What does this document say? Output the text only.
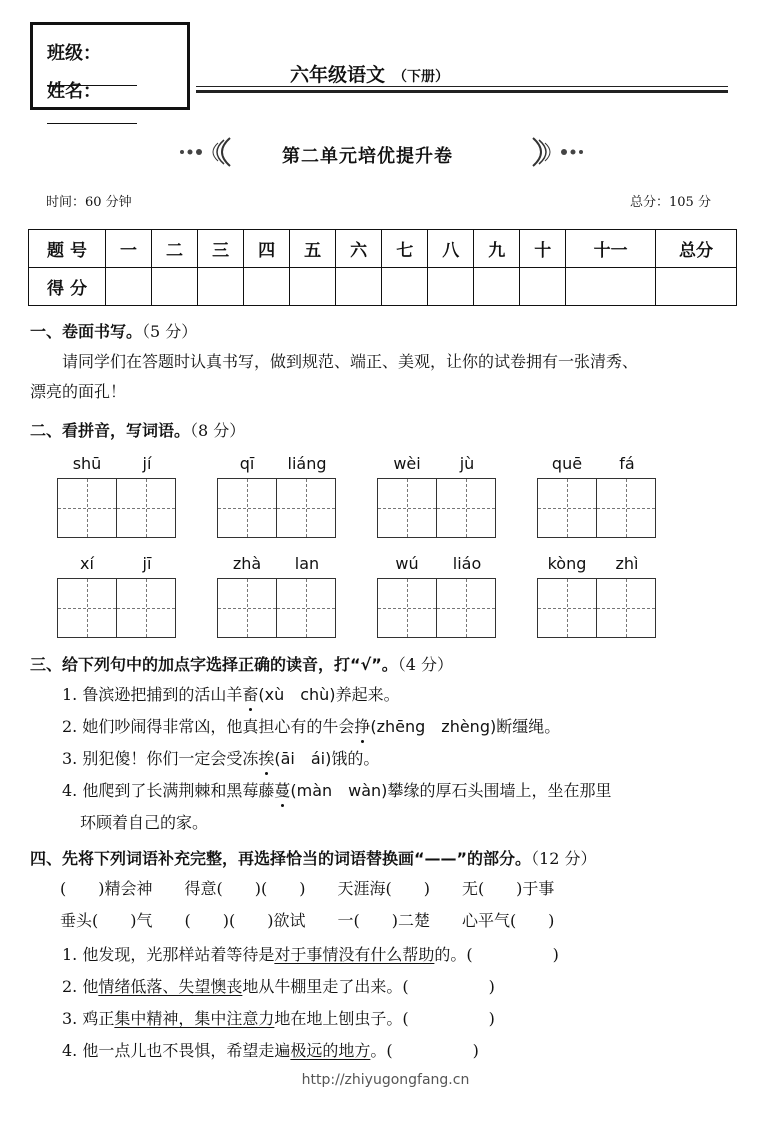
班级：
姓名：
六年级语文 （下册）
第二单元培优提升卷
时间：60 分钟	总分：105 分
题 号	一	二	三	四	五	六	七	八	九	十	十一	总分
得 分												
一、卷面书写。（5 分）
请同学们在答题时认真书写，做到规范、端正、美观，让你的试卷拥有一张清秀、
漂亮的面孔！
二、看拼音，写词语。（8 分）
shū	jí	qī	liáng	wèi	jù	quē	fá
xí	jī	zhà	lan	wú	liáo	kòng	zhì
三、给下列句中的加点字选择正确的读音，打“√”。（4 分）
1. 鲁滨逊把捕到的活山羊畜(xù　chù)养起来。
2. 她们吵闹得非常凶，他真担心有的牛会挣(zhēng　zhèng)断缰绳。
3. 别犯傻！你们一定会受冻挨(āi　ái)饿的。
4. 他爬到了长满荆棘和黑莓藤蔓(màn　wàn)攀缘的厚石头围墙上，坐在那里
环顾着自己的家。
四、先将下列词语补充完整，再选择恰当的词语替换画“——”的部分。（12 分）
(　　)精会神　　得意(　　)(　　)　　天涯海(　　)　　无(　　)于事
垂头(　　)气　　(　　)(　　)欲试　　一(　　)二楚　　心平气(　　)
1. 他发现，光那样站着等待是对于事情没有什么帮助的。(　　　　　)
2. 他情绪低落、失望懊丧地从牛棚里走了出来。(　　　　　)
3. 鸡正集中精神，集中注意力地在地上刨虫子。(　　　　　)
4. 他一点儿也不畏惧，希望走遍极远的地方。(　　　　　)
http://zhiyugongfang.cn
